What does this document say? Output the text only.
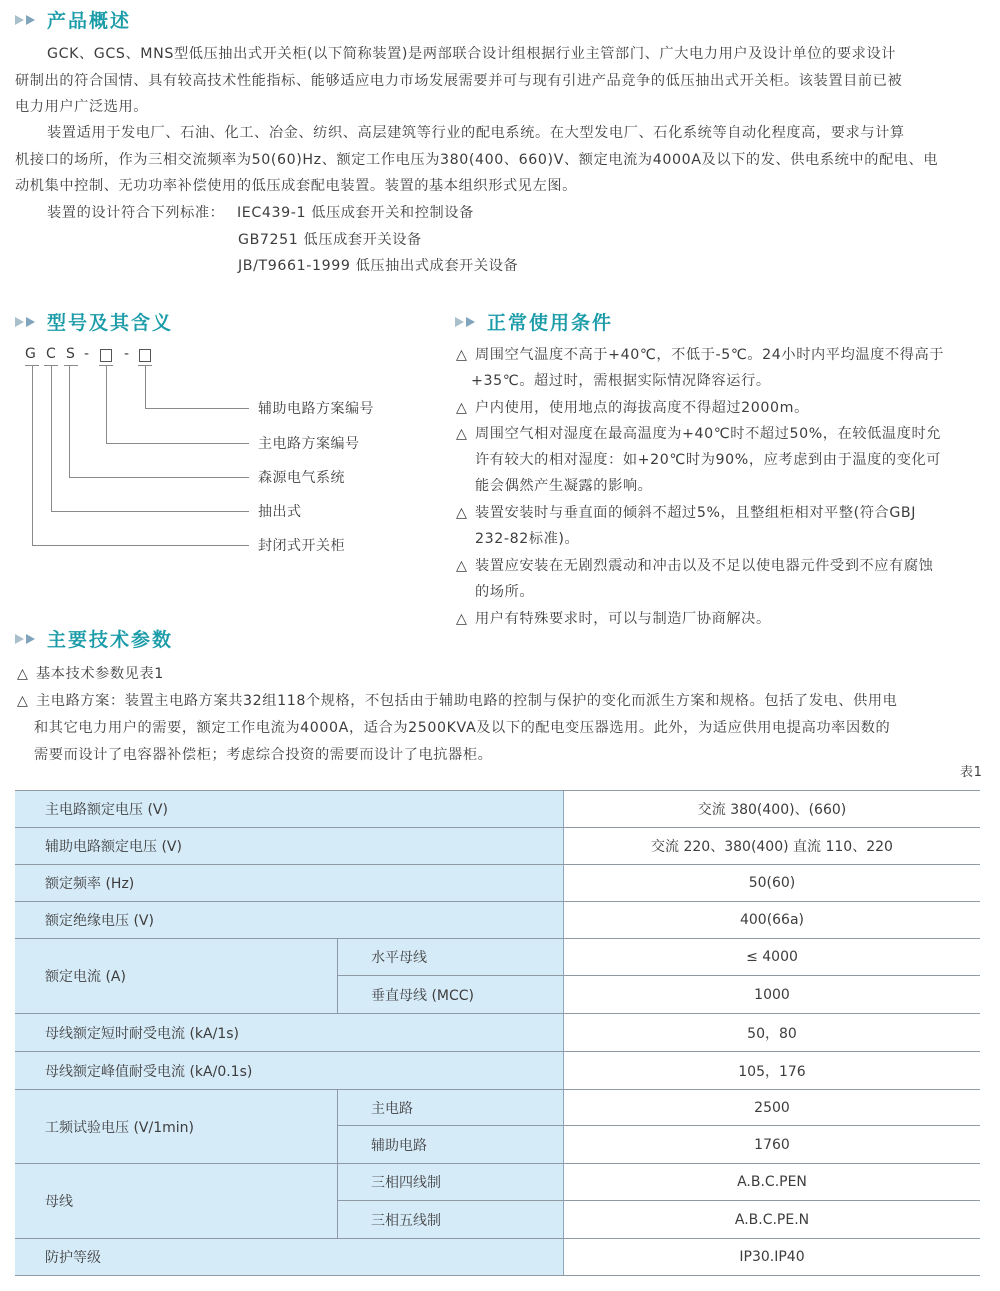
产品概述
GCK、GCS、MNS型低压抽出式开关柜(以下简称装置)是两部联合设计组根据行业主管部门、广大电力用户及设计单位的要求设计
研制出的符合国情、具有较高技术性能指标、能够适应电力市场发展需要并可与现有引进产品竞争的低压抽出式开关柜。该装置目前已被
电力用户广泛选用。
装置适用于发电厂、石油、化工、冶金、纺织、高层建筑等行业的配电系统。在大型发电厂、石化系统等自动化程度高，要求与计算
机接口的场所，作为三相交流频率为50(60)Hz、额定工作电压为380(400、660)V、额定电流为4000A及以下的发、供电系统中的配电、电
动机集中控制、无功功率补偿使用的低压成套配电装置。装置的基本组织形式见左图。
装置的设计符合下列标准： IEC439-1 低压成套开关和控制设备
GB7251 低压成套开关设备
JB/T9661-1999 低压抽出式成套开关设备
型号及其含义
G C S - -
辅助电路方案编号
主电路方案编号
森源电气系统
抽出式
封闭式开关柜
正常使用条件
△ 周围空气温度不高于+40℃，不低于-5℃。24小时内平均温度不得高于
+35℃。超过时，需根据实际情况降容运行。
△ 户内使用，使用地点的海拔高度不得超过2000m。
△ 周围空气相对湿度在最高温度为+40℃时不超过50%，在较低温度时允
许有较大的相对湿度：如+20℃时为90%，应考虑到由于温度的变化可
能会偶然产生凝露的影响。
△ 装置安装时与垂直面的倾斜不超过5%，且整组柜相对平整(符合GBJ
232-82标准)。
△ 装置应安装在无剧烈震动和冲击以及不足以使电器元件受到不应有腐蚀
的场所。
△ 用户有特殊要求时，可以与制造厂协商解决。
主要技术参数
△ 基本技术参数见表1
△ 主电路方案：装置主电路方案共32组118个规格，不包括由于辅助电路的控制与保护的变化而派生方案和规格。包括了发电、供用电
和其它电力用户的需要，额定工作电流为4000A，适合为2500KVA及以下的配电变压器选用。此外，为适应供用电提高功率因数的
需要而设计了电容器补偿柜；考虑综合投资的需要而设计了电抗器柜。
表1
主电路额定电压 (V)	交流 380(400)、(660)
辅助电路额定电压 (V)	交流 220、380(400) 直流 110、220
额定频率 (Hz)	50(60)
额定绝缘电压 (V)	400(66a)
额定电流 (A)
水平母线	≤ 4000
垂直母线 (MCC)	1000
母线额定短时耐受电流 (kA/1s)	50，80
母线额定峰值耐受电流 (kA/0.1s)	105，176
工频试验电压 (V/1min)
主电路	2500
辅助电路	1760
母线
三相四线制	A.B.C.PEN
三相五线制	A.B.C.PE.N
防护等级	IP30.IP40
